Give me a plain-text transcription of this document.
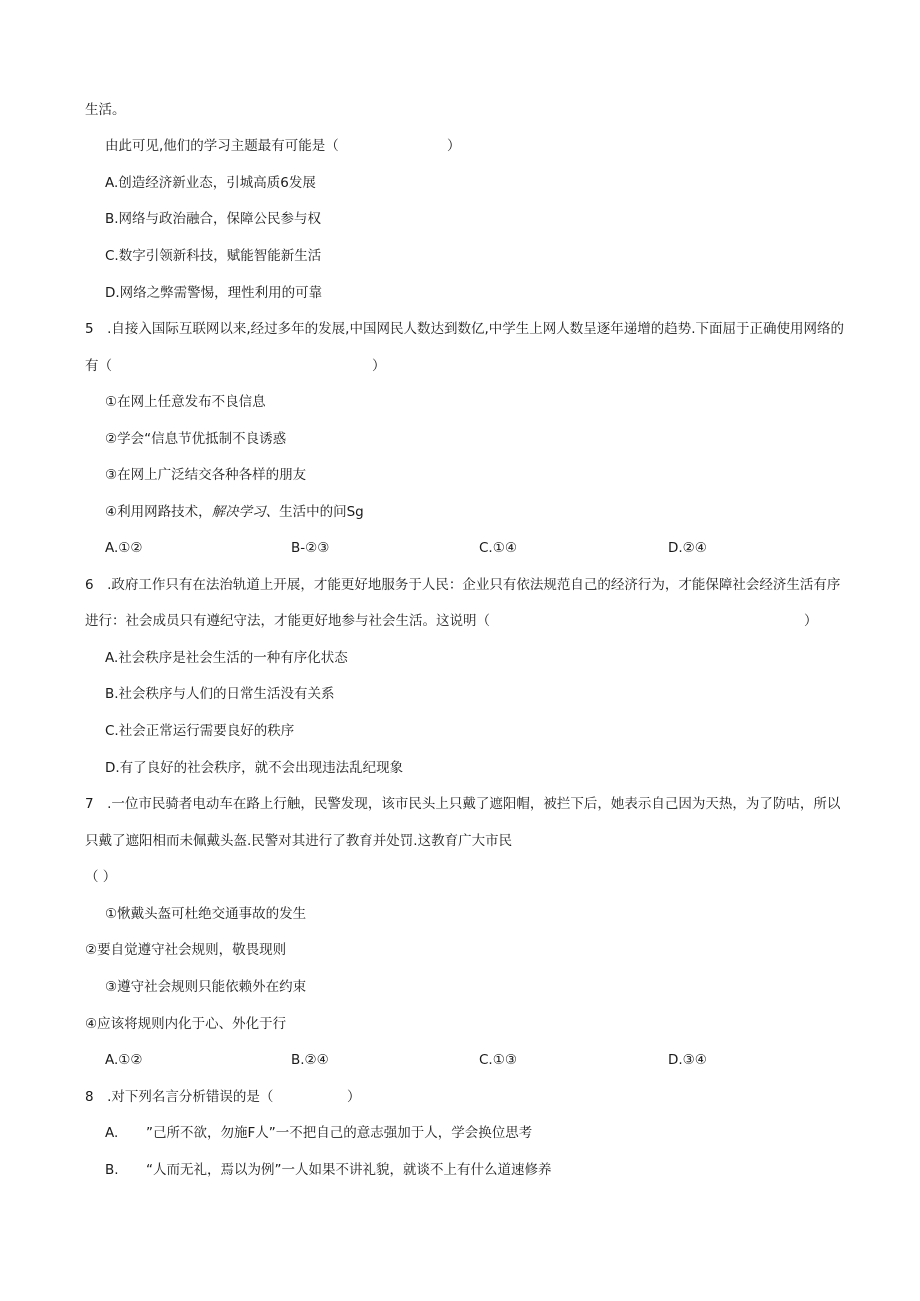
生活。
由此可见,他们的学习主题最有可能是（	）
A.创造经济新业态，引城高质6发展
B.网络与政治融合，保障公民参与权
C.数字引领新科技，赋能智能新生活
D.网络之弊需警惕，理性利用的可靠
5　.自接入国际互联网以来,经过多年的发展,中国网民人数达到数亿,中学生上网人数呈逐年递增的趋势.下面屈于正确使用网络的
有（	）
①在网上任意发布不良信息
②学会“信息节优抵制不良诱惑
③在网上广泛结交各种各样的朋友
④利用网路技术，解决学习、生活中的问Sg
A.①②	B-②③	C.①④	D.②④
6　.政府工作只有在法治轨道上开展，才能更好地服务于人民：企业只有依法规范自己的经济行为，才能保障社会经济生活有序
进行：社会成员只有遵纪守法，才能更好地参与社会生活。这说明（	）
A.社会秩序是社会生活的一种有序化状态
B.社会秩序与人们的日常生活没有关系
C.社会正常运行需要良好的秩序
D.有了良好的社会秩序，就不会出现违法乱纪现象
7　.一位市民骑者电动车在路上行触，民警发现，该市民头上只戴了遮阳帽，被拦下后，她表示自己因为天热，为了防咕，所以
只戴了遮阳相而未佩戴头盔.民警对其进行了教育并处罚.这教育广大市民
（ ）
①愀戴头盔可杜绝交通事故的发生
②要自觉遵守社会规则，敬畏现则
③遵守社会规则只能依赖外在约束
④应该将规则内化于心、外化于行
A.①②	B.②④	C.①③	D.③④
8　.对下列名言分析错误的是（	）
A. ”己所不欲，勿施F人”一不把自己的意志强加于人，学会换位思考
B. “人而无礼，焉以为例”一人如果不讲礼貌，就谈不上有什么道速修养
